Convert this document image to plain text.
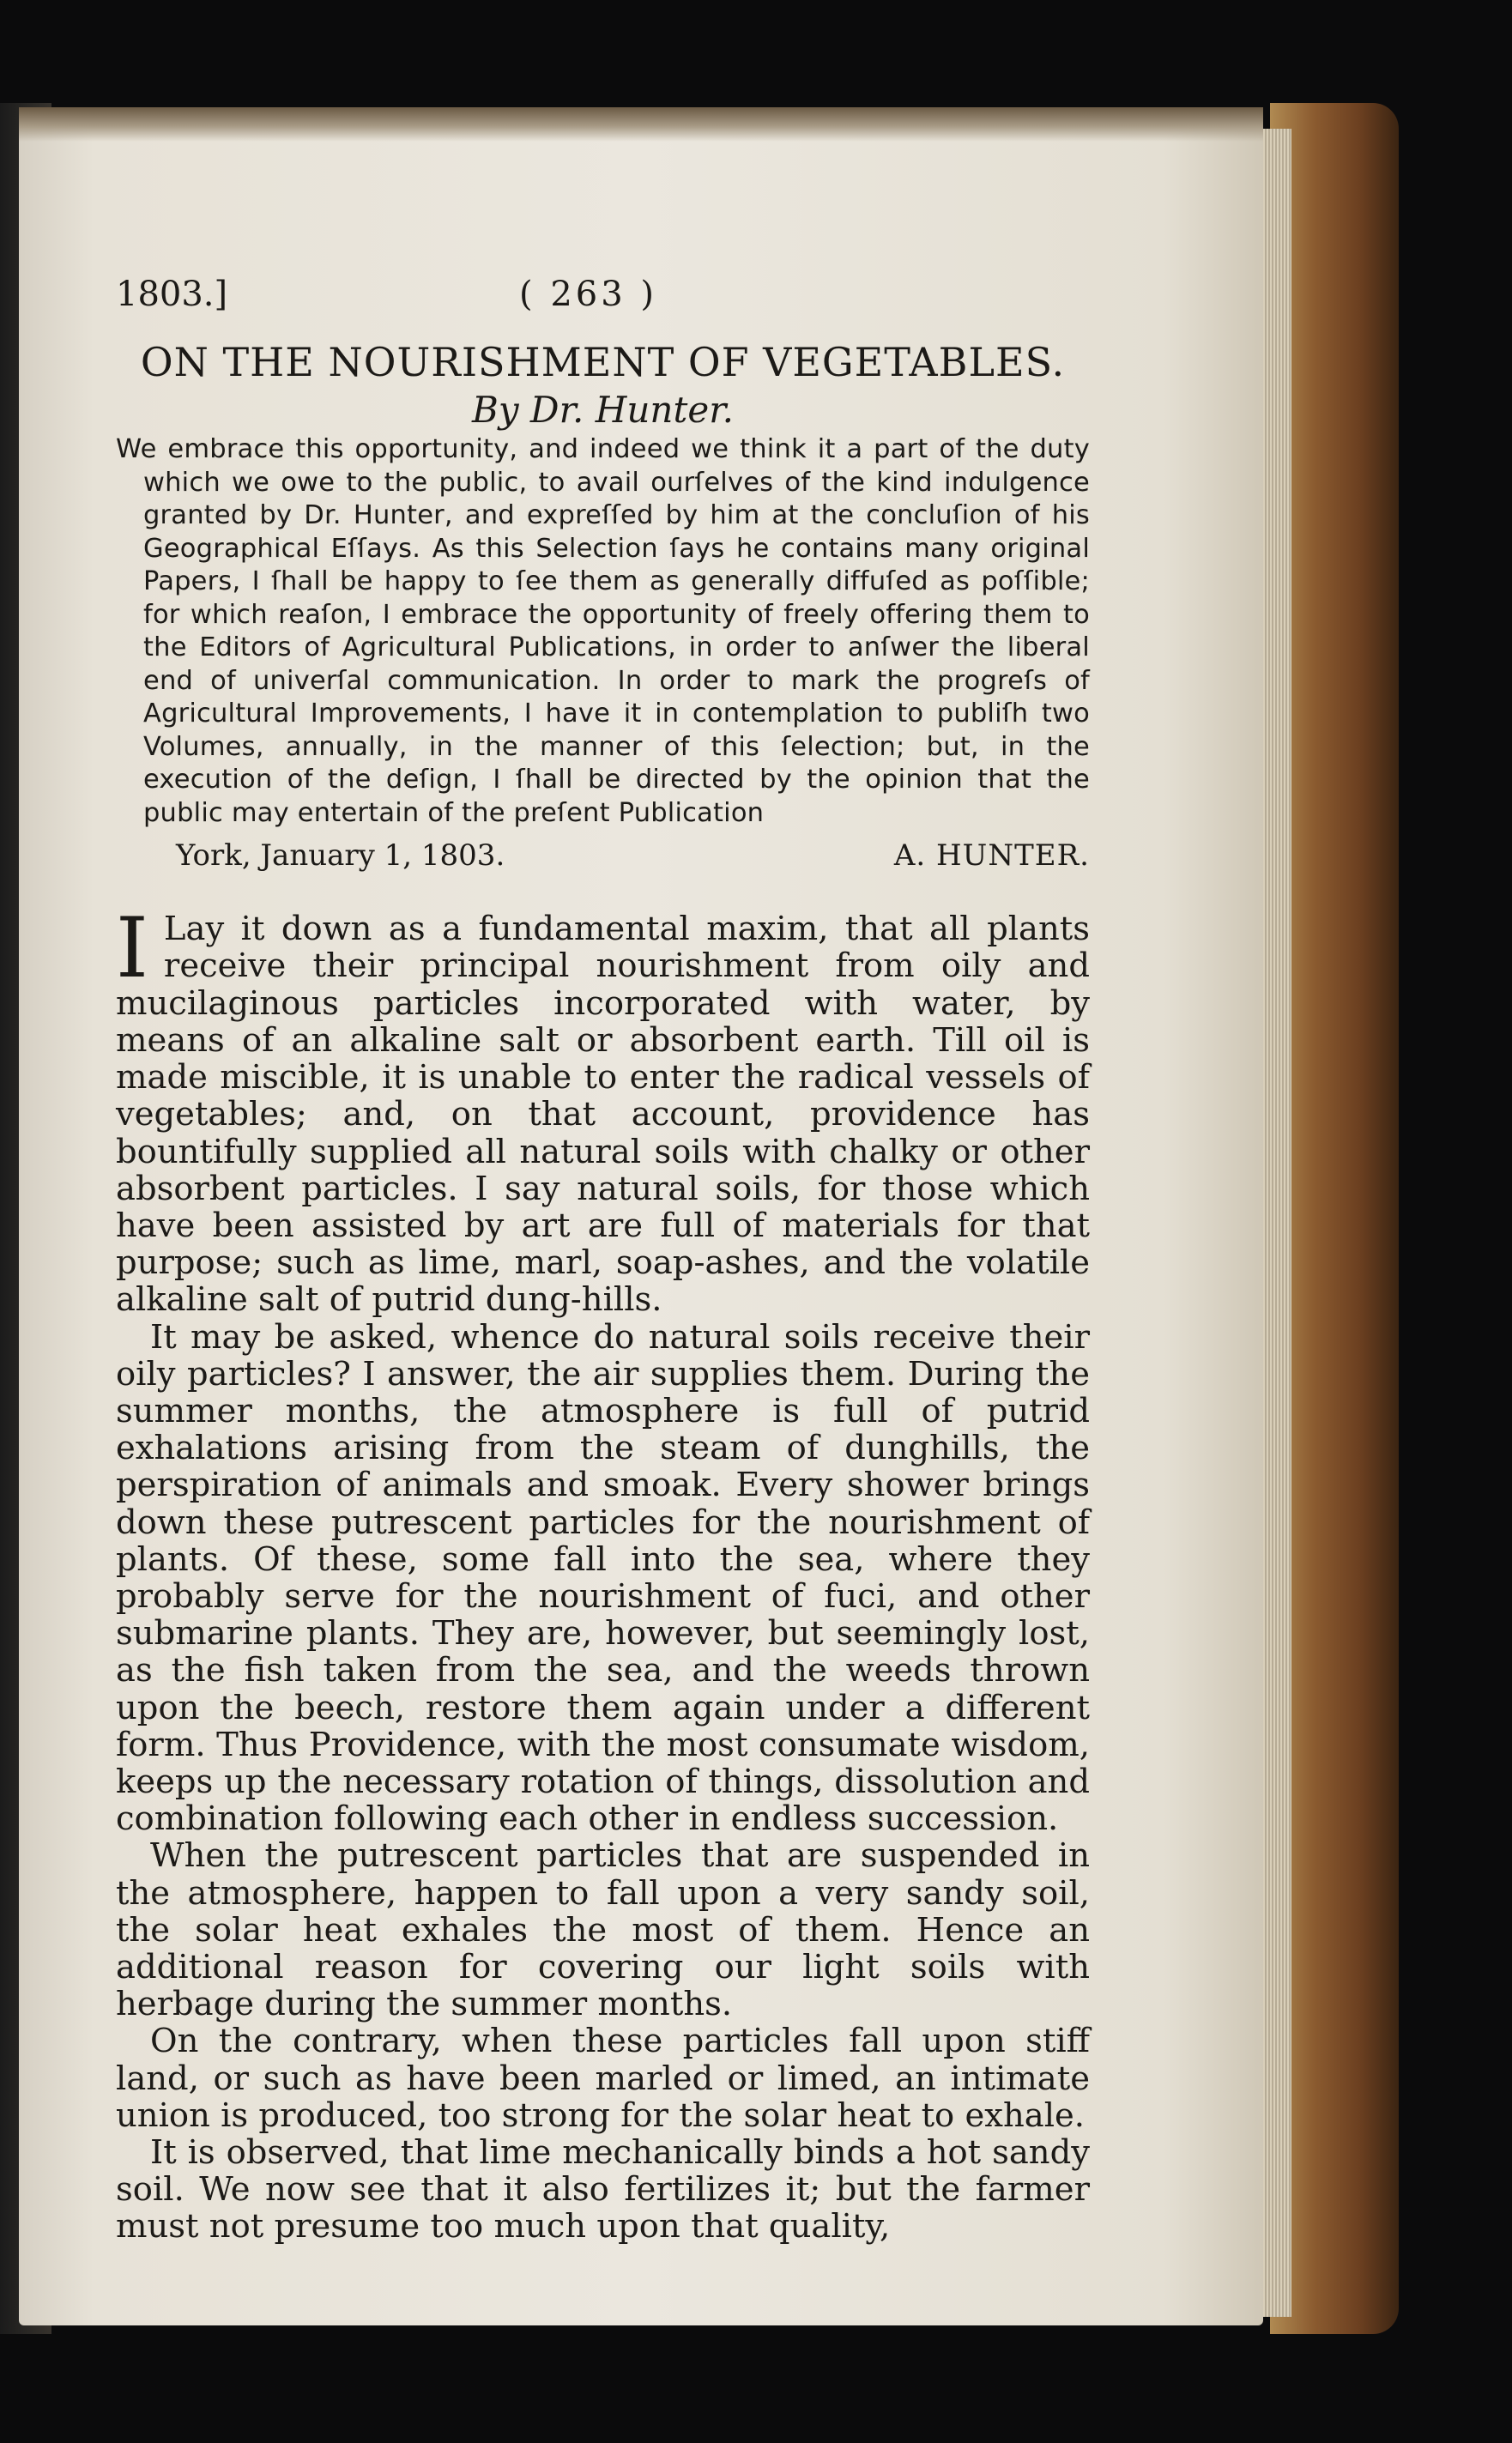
1803.]	( 263 )
ON THE NOURISHMENT OF VEGETABLES.
By Dr. Hunter.

We embrace this opportunity, and indeed we think it a part of the duty which we owe to the public, to avail ourſelves of the kind indulgence granted by Dr. Hunter, and expreſſed by him at the concluſion of his Geographical Eſſays. As this Selection ſays he contains many original Papers, I ſhall be happy to ſee them as generally diffuſed as poſſible; for which reaſon, I embrace the opportunity of freely offering them to the Editors of Agricultural Publications, in order to anſwer the liberal end of univerſal communication. In order to mark the progreſs of Agricultural Improvements, I have it in contemplation to publiſh two Volumes, annually, in the manner of this ſelection; but, in the execution of the deſign, I ſhall be directed by the opinion that the public may entertain of the preſent Publication

York, January 1, 1803.	A. HUNTER.

I Lay it down as a fundamental maxim, that all plants receive their principal nourishment from oily and mucilaginous particles incorporated with water, by means of an alkaline salt or absorbent earth. Till oil is made miscible, it is unable to enter the radical vessels of vegetables; and, on that account, providence has bountifully supplied all natural soils with chalky or other absorbent particles. I say natural soils, for those which have been assisted by art are full of materials for that purpose; such as lime, marl, soap-ashes, and the volatile alkaline salt of putrid dung-hills.

It may be asked, whence do natural soils receive their oily particles? I answer, the air supplies them. During the summer months, the atmosphere is full of putrid exhalations arising from the steam of dunghills, the perspiration of animals and smoak. Every shower brings down these putrescent particles for the nourishment of plants. Of these, some fall into the sea, where they probably serve for the nourishment of fuci, and other submarine plants. They are, however, but seemingly lost, as the fish taken from the sea, and the weeds thrown upon the beech, restore them again under a different form. Thus Providence, with the most consumate wisdom, keeps up the necessary rotation of things, dissolution and combination following each other in endless succession.

When the putrescent particles that are suspended in the atmosphere, happen to fall upon a very sandy soil, the solar heat exhales the most of them. Hence an additional reason for covering our light soils with herbage during the summer months.

On the contrary, when these particles fall upon stiff land, or such as have been marled or limed, an intimate union is produced, too strong for the solar heat to exhale.

It is observed, that lime mechanically binds a hot sandy soil. We now see that it also fertilizes it; but the farmer must not presume too much upon that quality,
